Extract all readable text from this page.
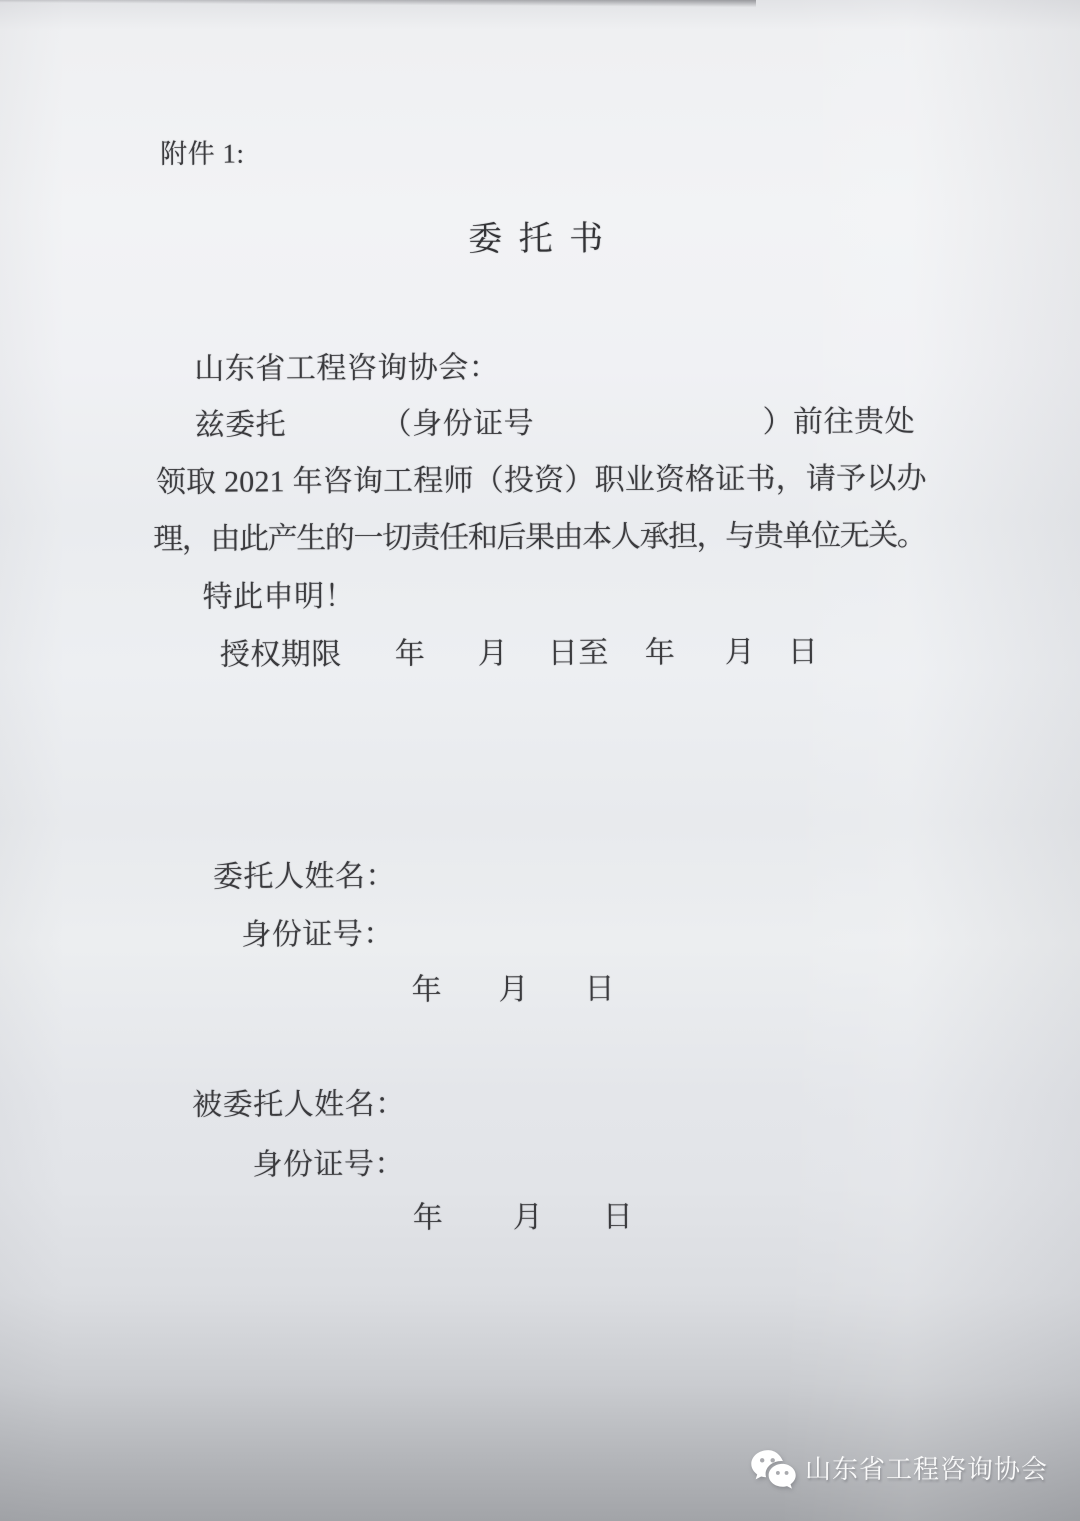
附件 1:
委 托 书
山东省工程咨询协会：
兹委托	（身份证号	）前往贵处
领取 2021 年咨询工程师（投资）职业资格证书，请予以办
理，由此产生的一切责任和后果由本人承担，与贵单位无关。
特此申明！
授权期限 年 月 日至 年 月 日
委托人姓名：
身份证号：
年 月 日
被委托人姓名：
身份证号：
年 月 日
山东省工程咨询协会
